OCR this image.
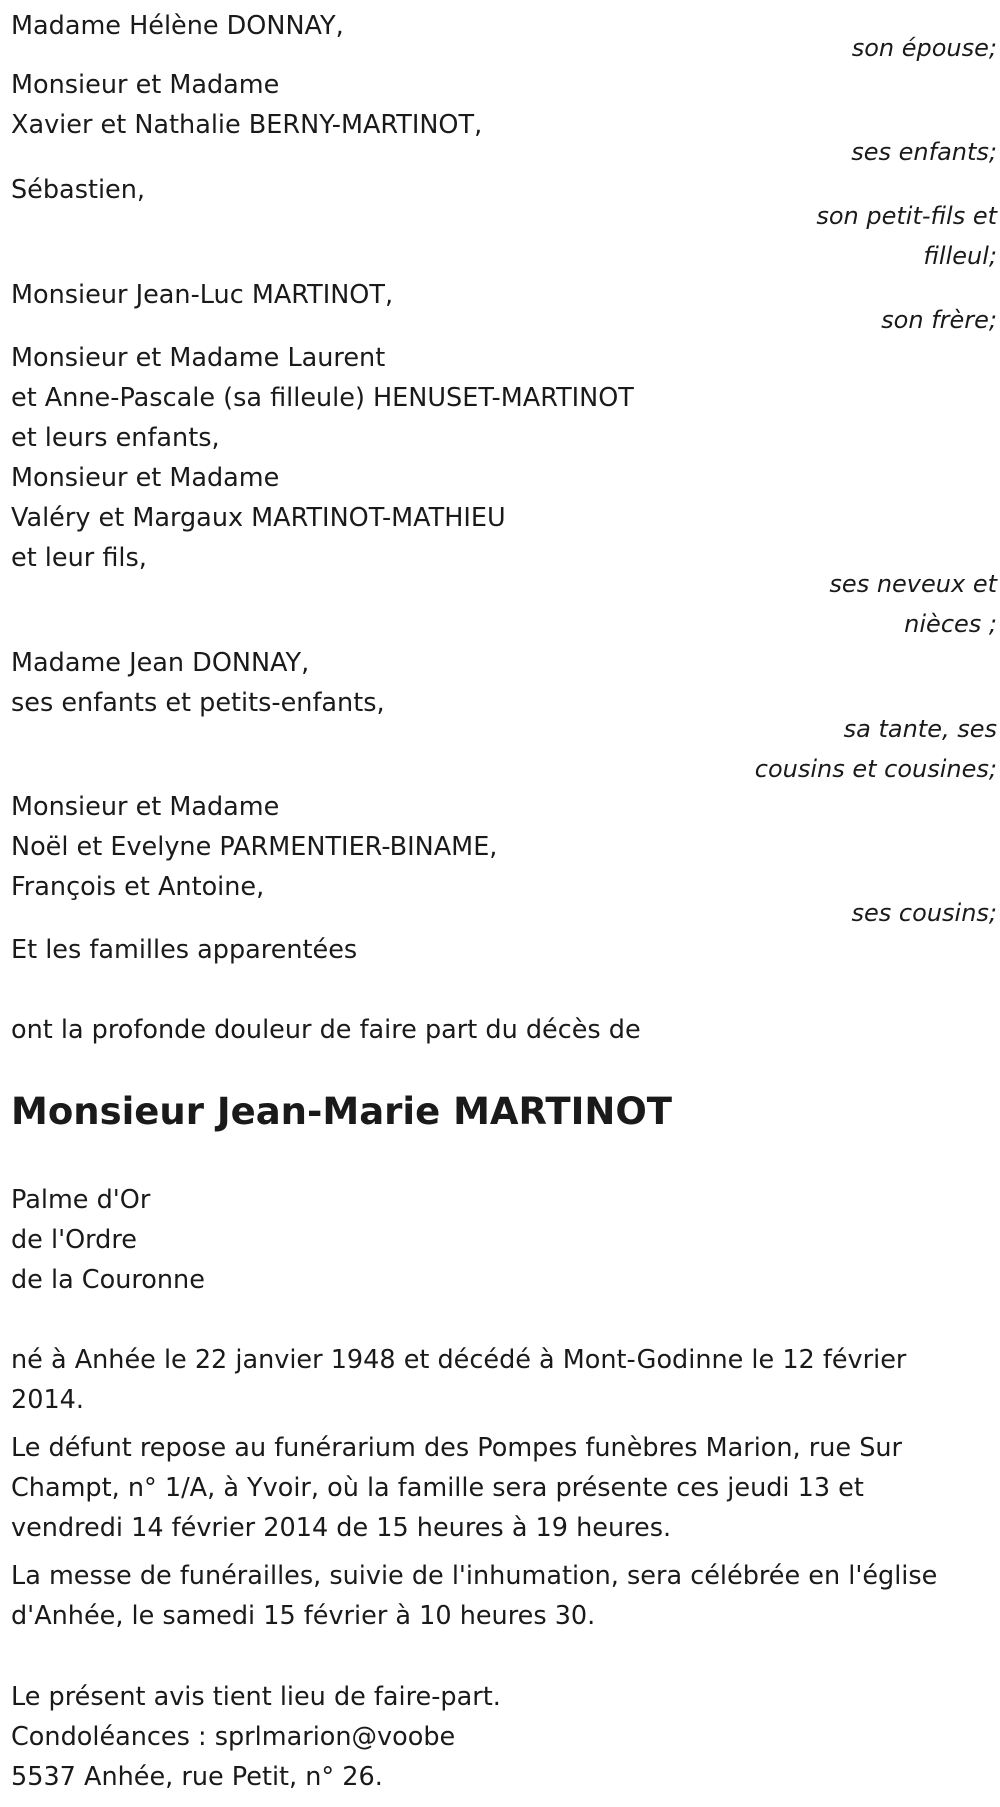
Madame Hélène DONNAY,
son épouse;
Monsieur et Madame
Xavier et Nathalie BERNY-MARTINOT,
ses enfants;
Sébastien,
son petit-fils et
filleul;
Monsieur Jean-Luc MARTINOT,
son frère;
Monsieur et Madame Laurent
et Anne-Pascale (sa filleule) HENUSET-MARTINOT
et leurs enfants,
Monsieur et Madame
Valéry et Margaux MARTINOT-MATHIEU
et leur fils,
ses neveux et
nièces ;
Madame Jean DONNAY,
ses enfants et petits-enfants,
sa tante, ses
cousins et cousines;
Monsieur et Madame
Noël et Evelyne PARMENTIER-BINAME,
François et Antoine,
ses cousins;
Et les familles apparentées
ont la profonde douleur de faire part du décès de
Monsieur Jean-Marie MARTINOT
Palme d'Or
de l'Ordre
de la Couronne
né à Anhée le 22 janvier 1948 et décédé à Mont-Godinne le 12 février
2014.
Le défunt repose au funérarium des Pompes funèbres Marion, rue Sur
Champt, n° 1/A, à Yvoir, où la famille sera présente ces jeudi 13 et
vendredi 14 février 2014 de 15 heures à 19 heures.
La messe de funérailles, suivie de l'inhumation, sera célébrée en l'église
d'Anhée, le samedi 15 février à 10 heures 30.
Le présent avis tient lieu de faire-part.
Condoléances : sprlmarion@voobe
5537 Anhée, rue Petit, n° 26.
